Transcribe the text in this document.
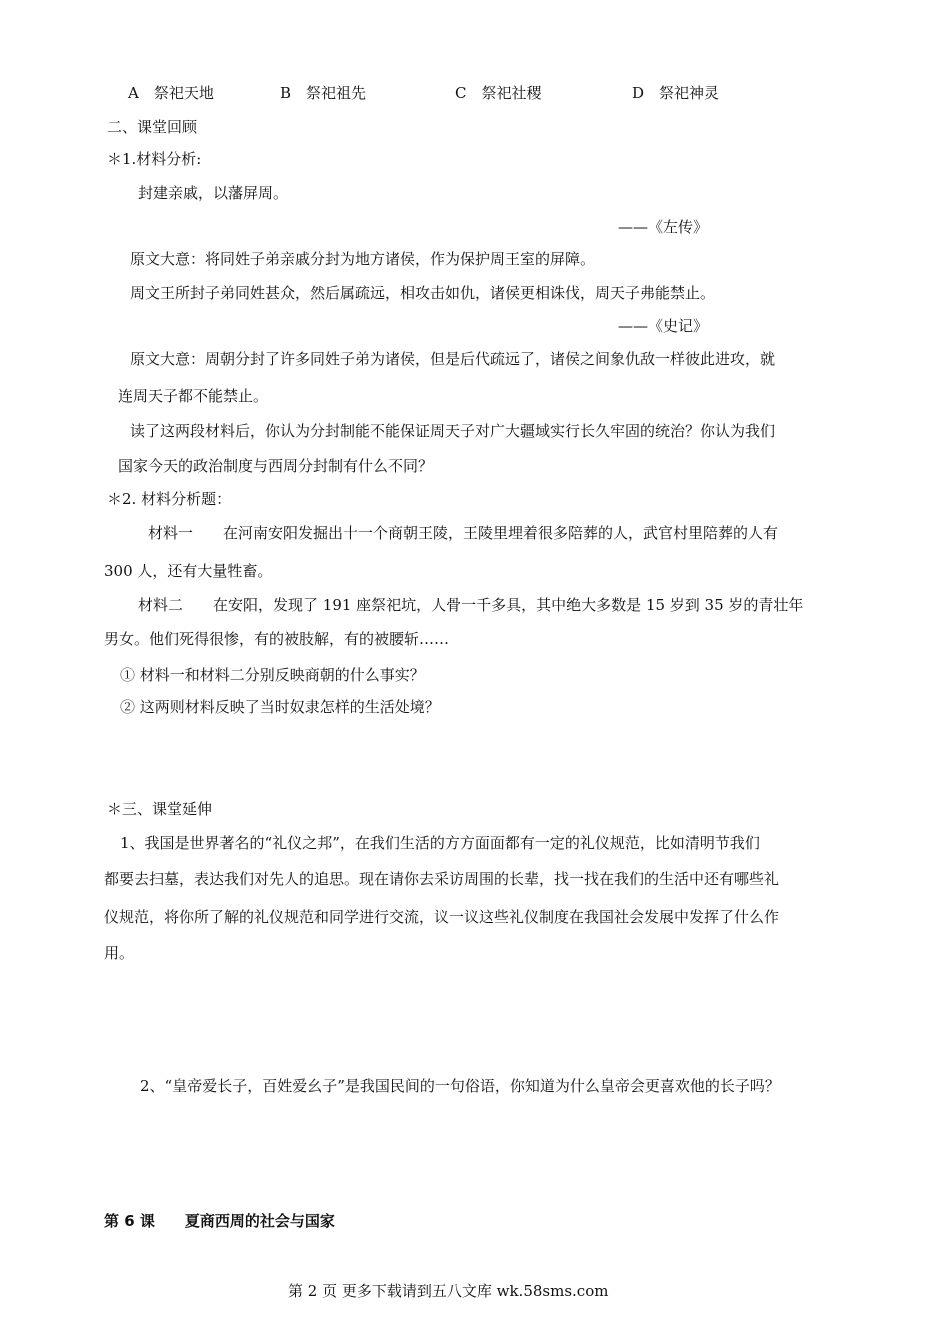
A　祭祀天地	B　祭祀祖先	C　祭祀社稷	D　祭祀神灵
二、课堂回顾
＊1.材料分析:
封建亲戚，以藩屏周。
——《左传》
原文大意：将同姓子弟亲戚分封为地方诸侯，作为保护周王室的屏障。
周文王所封子弟同姓甚众，然后属疏远，相攻击如仇，诸侯更相诛伐，周天子弗能禁止。
——《史记》
原文大意：周朝分封了许多同姓子弟为诸侯，但是后代疏远了，诸侯之间象仇敌一样彼此进攻，就
连周天子都不能禁止。
读了这两段材料后，你认为分封制能不能保证周天子对广大疆域实行长久牢固的统治？你认为我们
国家今天的政治制度与西周分封制有什么不同？
＊2. 材料分析题：
材料一　　在河南安阳发掘出十一个商朝王陵，王陵里埋着很多陪葬的人，武官村里陪葬的人有
300 人，还有大量牲畜。
材料二　　在安阳，发现了 191 座祭祀坑，人骨一千多具，其中绝大多数是 15 岁到 35 岁的青壮年
男女。他们死得很惨，有的被肢解，有的被腰斩……
① 材料一和材料二分别反映商朝的什么事实？
② 这两则材料反映了当时奴隶怎样的生活处境？
＊三、课堂延伸
1、我国是世界著名的“礼仪之邦”，在我们生活的方方面面都有一定的礼仪规范，比如清明节我们
都要去扫墓，表达我们对先人的追思。现在请你去采访周围的长辈，找一找在我们的生活中还有哪些礼
仪规范，将你所了解的礼仪规范和同学进行交流，议一议这些礼仪制度在我国社会发展中发挥了什么作
用。
2、“皇帝爱长子，百姓爱幺子”是我国民间的一句俗语，你知道为什么皇帝会更喜欢他的长子吗？
第 6 课　　夏商西周的社会与国家
第 2 页 更多下载请到五八文库 wk.58sms.com
